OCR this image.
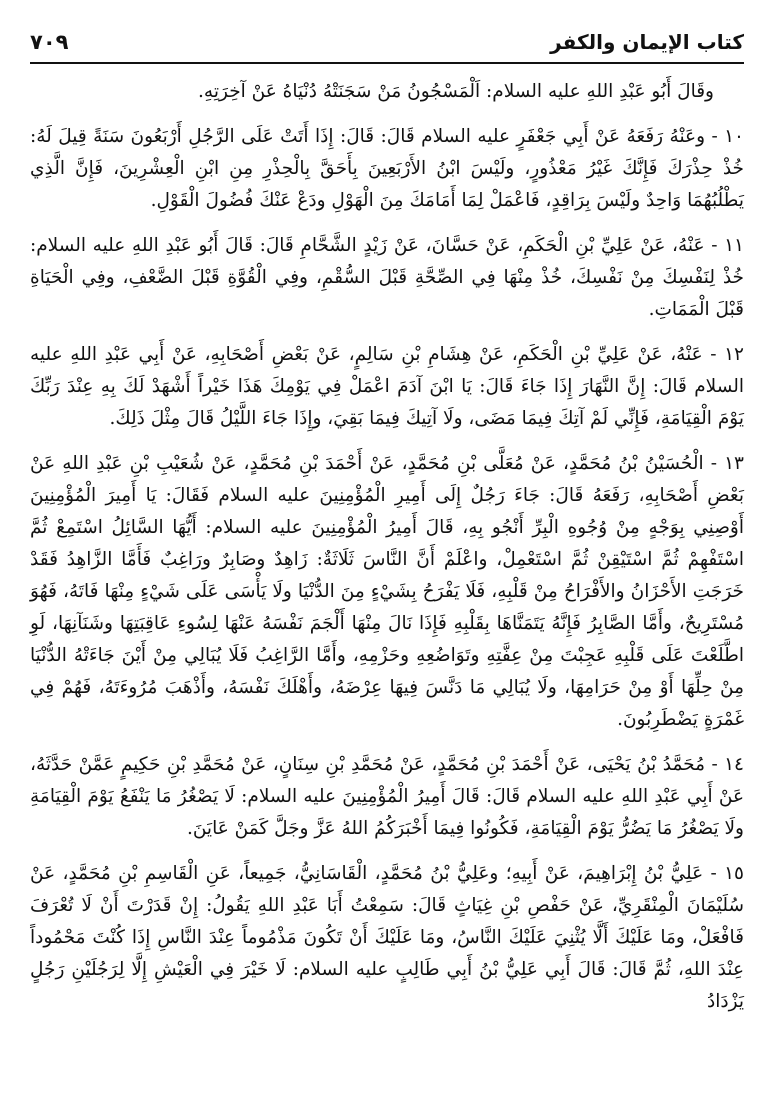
كتاب الإيمان والكفر
٧٠٩

وقَالَ أَبُو عَبْدِ اللهِ عليه السلام: اَلْمَسْجُونُ مَنْ سَجَنَتْهُ دُنْيَاهُ عَنْ آخِرَتِهِ.

١٠ - وعَنْهُ رَفَعَهُ عَنْ أَبِي جَعْفَرٍ عليه السلام قَالَ: قَالَ: إِذَا أَتَتْ عَلَى الرَّجُلِ أَرْبَعُونَ سَنَةً قِيلَ لَهُ: خُذْ حِذْرَكَ فَإِنَّكَ غَيْرُ مَعْذُورٍ، ولَيْسَ ابْنُ الأَرْبَعِينَ بِأَحَقَّ بِالْحِذْرِ مِنِ ابْنِ الْعِشْرِينَ، فَإِنَّ الَّذِي يَطْلُبُهُمَا وَاحِدٌ ولَيْسَ بِرَاقِدٍ، فَاعْمَلْ لِمَا أَمَامَكَ مِنَ الْهَوْلِ ودَعْ عَنْكَ فُضُولَ الْقَوْلِ.

١١ - عَنْهُ، عَنْ عَلِيِّ بْنِ الْحَكَمِ، عَنْ حَسَّانَ، عَنْ زَيْدٍ الشَّحَّامِ قَالَ: قَالَ أَبُو عَبْدِ اللهِ عليه السلام: خُذْ لِنَفْسِكَ مِنْ نَفْسِكَ، خُذْ مِنْهَا فِي الصِّحَّةِ قَبْلَ السُّقْمِ، وفِي الْقُوَّةِ قَبْلَ الضَّعْفِ، وفِي الْحَيَاةِ قَبْلَ الْمَمَاتِ.

١٢ - عَنْهُ، عَنْ عَلِيِّ بْنِ الْحَكَمِ، عَنْ هِشَامِ بْنِ سَالِمٍ، عَنْ بَعْضِ أَصْحَابِهِ، عَنْ أَبِي عَبْدِ اللهِ عليه السلام قَالَ: إِنَّ النَّهَارَ إِذَا جَاءَ قَالَ: يَا ابْنَ آدَمَ اعْمَلْ فِي يَوْمِكَ هَذَا خَيْراً أَشْهَدْ لَكَ بِهِ عِنْدَ رَبِّكَ يَوْمَ الْقِيَامَةِ، فَإِنِّي لَمْ آتِكَ فِيمَا مَضَى، ولَا آتِيكَ فِيمَا بَقِيَ، وإِذَا جَاءَ اللَّيْلُ قَالَ مِثْلَ ذَلِكَ.

١٣ - الْحُسَيْنُ بْنُ مُحَمَّدٍ، عَنْ مُعَلَّى بْنِ مُحَمَّدٍ، عَنْ أَحْمَدَ بْنِ مُحَمَّدٍ، عَنْ شُعَيْبِ بْنِ عَبْدِ اللهِ عَنْ بَعْضِ أَصْحَابِهِ، رَفَعَهُ قَالَ: جَاءَ رَجُلٌ إِلَى أَمِيرِ الْمُؤْمِنِينَ عليه السلام فَقَالَ: يَا أَمِيرَ الْمُؤْمِنِينَ أَوْصِنِي بِوَجْهٍ مِنْ وُجُوهِ الْبِرِّ أَنْجُو بِهِ، قَالَ أَمِيرُ الْمُؤْمِنِينَ عليه السلام: أَيُّهَا السَّائِلُ اسْتَمِعْ ثُمَّ اسْتَفْهِمْ ثُمَّ اسْتَيْقِنْ ثُمَّ اسْتَعْمِلْ، واعْلَمْ أَنَّ النَّاسَ ثَلَاثَةٌ: زَاهِدٌ وصَابِرٌ ورَاغِبٌ فَأَمَّا الزَّاهِدُ فَقَدْ خَرَجَتِ الأَحْزَانُ والأَفْرَاحُ مِنْ قَلْبِهِ، فَلَا يَفْرَحُ بِشَيْءٍ مِنَ الدُّنْيَا ولَا يَأْسَى عَلَى شَيْءٍ مِنْهَا فَاتَهُ، فَهُوَ مُسْتَرِيحٌ، وأَمَّا الصَّابِرُ فَإِنَّهُ يَتَمَنَّاهَا بِقَلْبِهِ فَإِذَا نَالَ مِنْهَا أَلْجَمَ نَفْسَهُ عَنْهَا لِسُوءِ عَاقِبَتِهَا وشَنَآنِهَا، لَوِ اطَّلَعْتَ عَلَى قَلْبِهِ عَجِبْتَ مِنْ عِفَّتِهِ وتَوَاضُعِهِ وحَزْمِهِ، وأَمَّا الرَّاغِبُ فَلَا يُبَالِي مِنْ أَيْنَ جَاءَتْهُ الدُّنْيَا مِنْ حِلِّهَا أَوْ مِنْ حَرَامِهَا، ولَا يُبَالِي مَا دَنَّسَ فِيهَا عِرْضَهُ، وأَهْلَكَ نَفْسَهُ، وأَذْهَبَ مُرُوءَتَهُ، فَهُمْ فِي غَمْرَةٍ يَضْطَرِبُونَ.

١٤ - مُحَمَّدُ بْنُ يَحْيَى، عَنْ أَحْمَدَ بْنِ مُحَمَّدٍ، عَنْ مُحَمَّدِ بْنِ سِنَانٍ، عَنْ مُحَمَّدِ بْنِ حَكِيمٍ عَمَّنْ حَدَّثَهُ، عَنْ أَبِي عَبْدِ اللهِ عليه السلام قَالَ: قَالَ أَمِيرُ الْمُؤْمِنِينَ عليه السلام: لَا يَصْغُرُ مَا يَنْفَعُ يَوْمَ الْقِيَامَةِ ولَا يَصْغُرُ مَا يَضُرُّ يَوْمَ الْقِيَامَةِ، فَكُونُوا فِيمَا أَخْبَرَكُمُ اللهُ عَزَّ وجَلَّ كَمَنْ عَايَنَ.

١٥ - عَلِيُّ بْنُ إِبْرَاهِيمَ، عَنْ أَبِيهِ؛ وعَلِيُّ بْنُ مُحَمَّدٍ، الْقَاسَانِيُّ، جَمِيعاً، عَنِ الْقَاسِمِ بْنِ مُحَمَّدٍ، عَنْ سُلَيْمَانَ الْمِنْقَرِيِّ، عَنْ حَفْصِ بْنِ غِيَاثٍ قَالَ: سَمِعْتُ أَبَا عَبْدِ اللهِ يَقُولُ: إِنْ قَدَرْتَ أَنْ لَا تُعْرَفَ فَافْعَلْ، ومَا عَلَيْكَ أَلَّا يُثْنِيَ عَلَيْكَ النَّاسُ، ومَا عَلَيْكَ أَنْ تَكُونَ مَذْمُوماً عِنْدَ النَّاسِ إِذَا كُنْتَ مَحْمُوداً عِنْدَ اللهِ، ثُمَّ قَالَ: قَالَ أَبِي عَلِيُّ بْنُ أَبِي طَالِبٍ عليه السلام: لَا خَيْرَ فِي الْعَيْشِ إِلَّا لِرَجُلَيْنِ رَجُلٍ يَزْدَادُ
